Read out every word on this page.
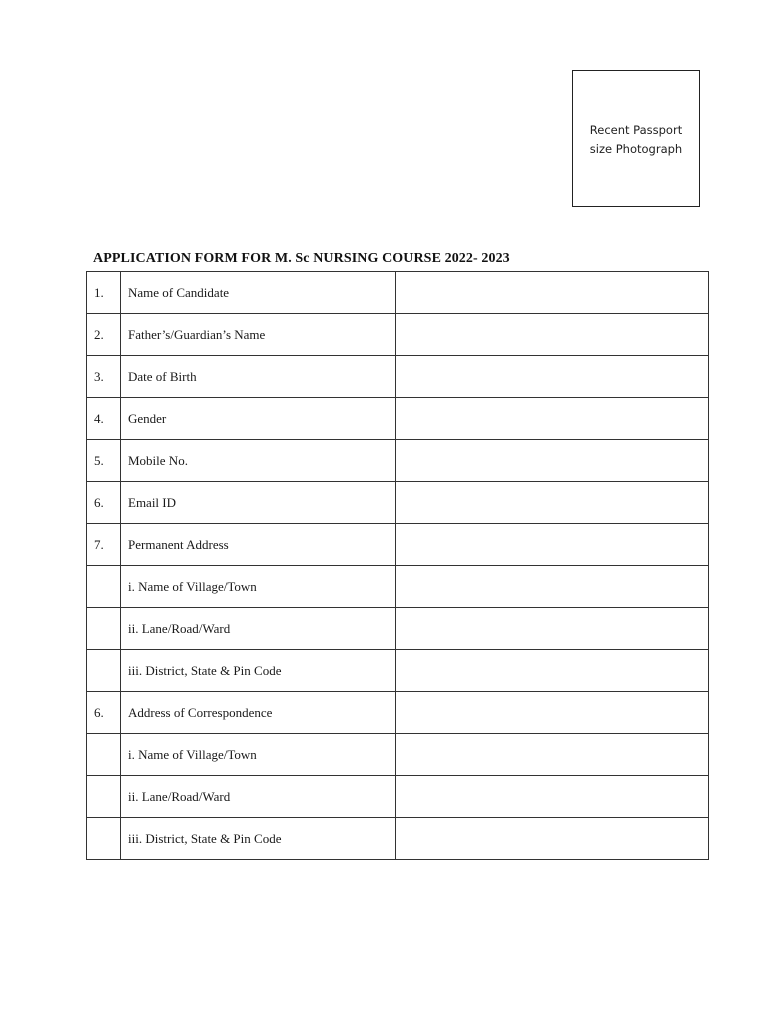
Recent Passport
size Photograph
APPLICATION FORM FOR M. Sc NURSING COURSE 2022- 2023
1.	Name of Candidate	
2.	Father’s/Guardian’s Name	
3.	Date of Birth	
4.	Gender	
5.	Mobile No.	
6.	Email ID	
7.	Permanent Address	
	i. Name of Village/Town	
	ii. Lane/Road/Ward	
	iii. District, State & Pin Code	
6.	Address of Correspondence	
	i. Name of Village/Town	
	ii. Lane/Road/Ward	
	iii. District, State & Pin Code	
